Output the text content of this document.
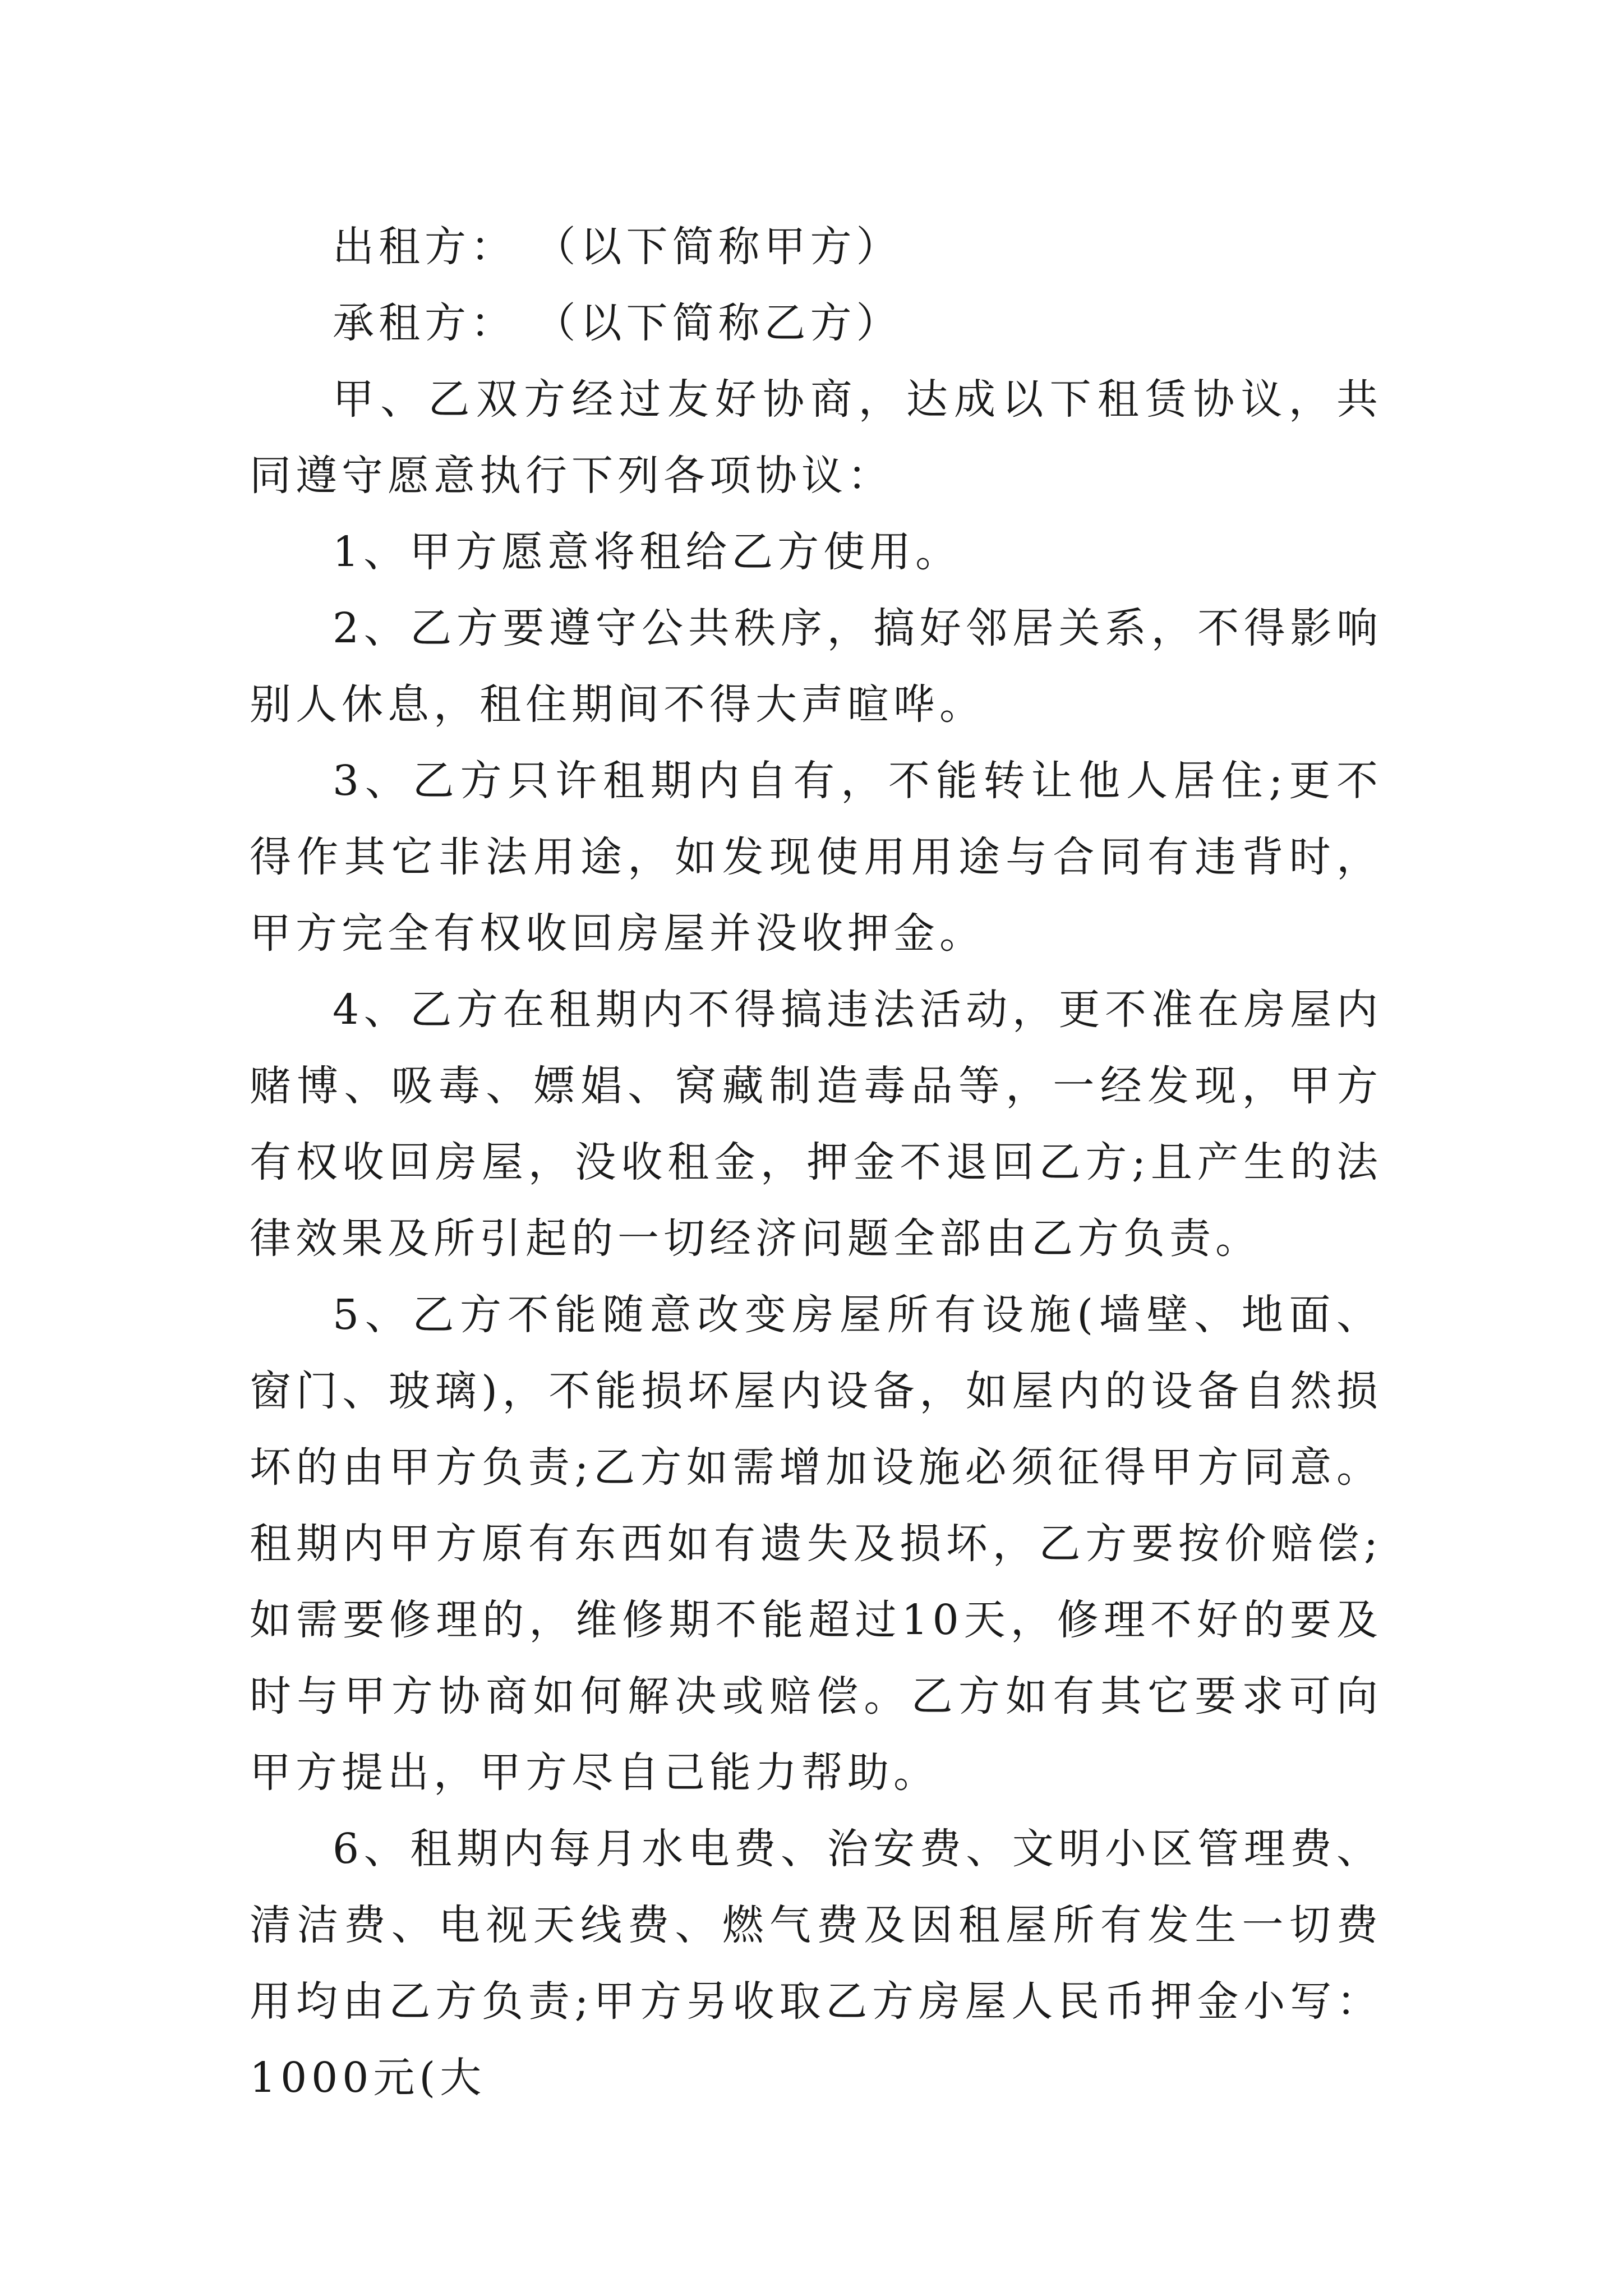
出租方： （以下简称甲方）

承租方： （以下简称乙方）

甲、乙双方经过友好协商，达成以下租赁协议，共同遵守愿意执行下列各项协议：

1、甲方愿意将租给乙方使用。

2、乙方要遵守公共秩序，搞好邻居关系，不得影响别人休息，租住期间不得大声暄哗。

3、乙方只许租期内自有，不能转让他人居住;更不得作其它非法用途，如发现使用用途与合同有违背时，甲方完全有权收回房屋并没收押金。

4、乙方在租期内不得搞违法活动，更不准在房屋内赌博、吸毒、嫖娼、窝藏制造毒品等，一经发现，甲方有权收回房屋，没收租金，押金不退回乙方;且产生的法律效果及所引起的一切经济问题全部由乙方负责。

5、乙方不能随意改变房屋所有设施(墙壁、地面、窗门、玻璃)，不能损坏屋内设备，如屋内的设备自然损坏的由甲方负责;乙方如需增加设施必须征得甲方同意。租期内甲方原有东西如有遗失及损坏，乙方要按价赔偿;如需要修理的，维修期不能超过10天，修理不好的要及时与甲方协商如何解决或赔偿。乙方如有其它要求可向甲方提出，甲方尽自己能力帮助。

6、租期内每月水电费、治安费、文明小区管理费、清洁费、电视天线费、燃气费及因租屋所有发生一切费用均由乙方负责;甲方另收取乙方房屋人民币押金小写：1000元(大
